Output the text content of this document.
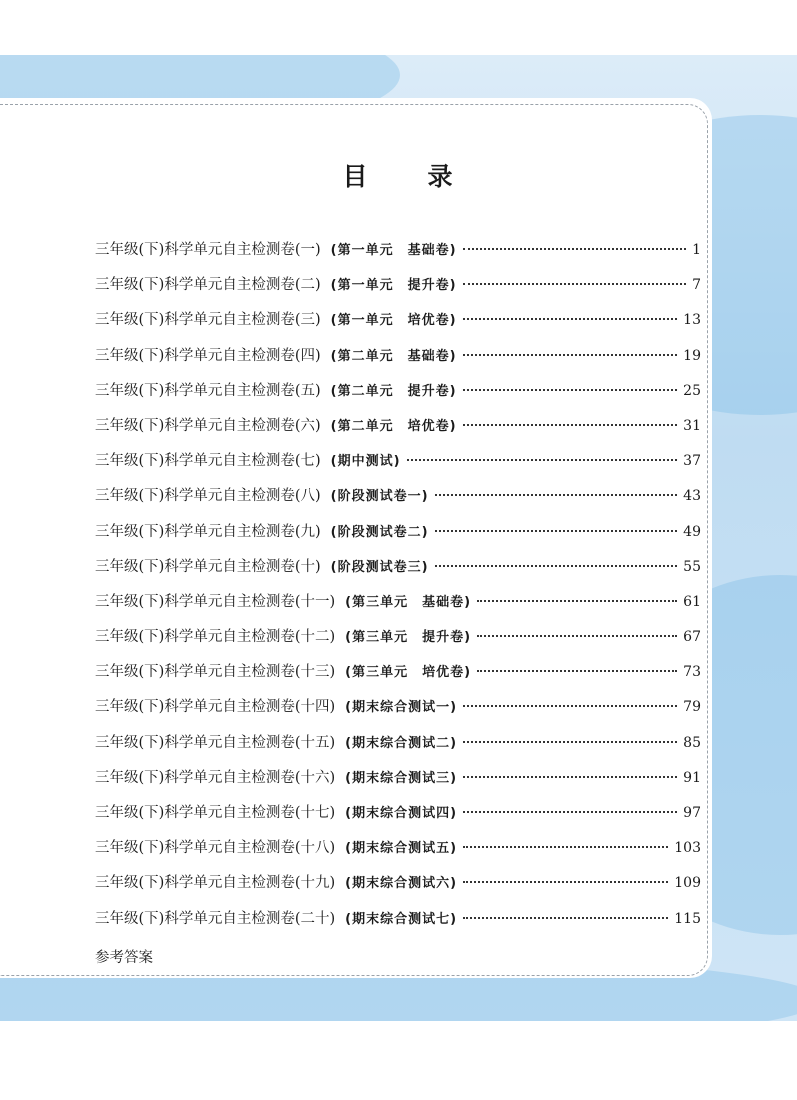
目 录
三年级(下)科学单元自主检测卷(一) (第一单元　基础卷)	1
三年级(下)科学单元自主检测卷(二) (第一单元　提升卷)	7
三年级(下)科学单元自主检测卷(三) (第一单元　培优卷)	13
三年级(下)科学单元自主检测卷(四) (第二单元　基础卷)	19
三年级(下)科学单元自主检测卷(五) (第二单元　提升卷)	25
三年级(下)科学单元自主检测卷(六) (第二单元　培优卷)	31
三年级(下)科学单元自主检测卷(七) (期中测试)	37
三年级(下)科学单元自主检测卷(八) (阶段测试卷一)	43
三年级(下)科学单元自主检测卷(九) (阶段测试卷二)	49
三年级(下)科学单元自主检测卷(十) (阶段测试卷三)	55
三年级(下)科学单元自主检测卷(十一) (第三单元　基础卷)	61
三年级(下)科学单元自主检测卷(十二) (第三单元　提升卷)	67
三年级(下)科学单元自主检测卷(十三) (第三单元　培优卷)	73
三年级(下)科学单元自主检测卷(十四) (期末综合测试一)	79
三年级(下)科学单元自主检测卷(十五) (期末综合测试二)	85
三年级(下)科学单元自主检测卷(十六) (期末综合测试三)	91
三年级(下)科学单元自主检测卷(十七) (期末综合测试四)	97
三年级(下)科学单元自主检测卷(十八) (期末综合测试五)	103
三年级(下)科学单元自主检测卷(十九) (期末综合测试六)	109
三年级(下)科学单元自主检测卷(二十) (期末综合测试七)	115
参考答案
